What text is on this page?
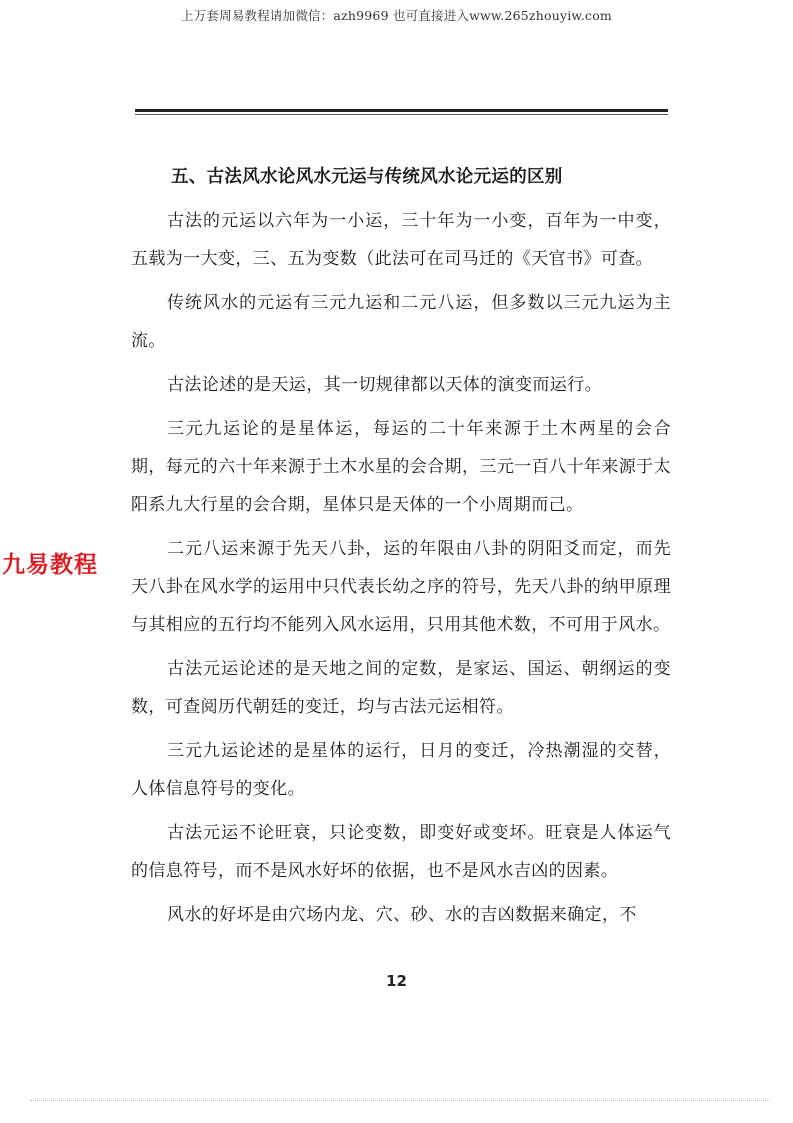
上万套周易教程请加微信：azh9969 也可直接进入www.265zhouyiw.com
五、古法风水论风水元运与传统风水论元运的区别

古法的元运以六年为一小运，三十年为一小变，百年为一中变，五载为一大变，三、五为变数（此法可在司马迁的《天官书》可查。

传统风水的元运有三元九运和二元八运，但多数以三元九运为主流。

古法论述的是天运，其一切规律都以天体的演变而运行。

三元九运论的是星体运，每运的二十年来源于土木两星的会合期，每元的六十年来源于土木水星的会合期，三元一百八十年来源于太阳系九大行星的会合期，星体只是天体的一个小周期而己。

二元八运来源于先天八卦，运的年限由八卦的阴阳爻而定，而先天八卦在风水学的运用中只代表长幼之序的符号，先天八卦的纳甲原理与其相应的五行均不能列入风水运用，只用其他术数，不可用于风水。

古法元运论述的是天地之间的定数，是家运、国运、朝纲运的变数，可查阅历代朝廷的变迁，均与古法元运相符。

三元九运论述的是星体的运行，日月的变迁，冷热潮湿的交替，人体信息符号的变化。

古法元运不论旺衰，只论变数，即变好或变坏。旺衰是人体运气的信息符号，而不是风水好坏的依据，也不是风水吉凶的因素。

风水的好坏是由穴场内龙、穴、砂、水的吉凶数据来确定，不

九易教程
12
